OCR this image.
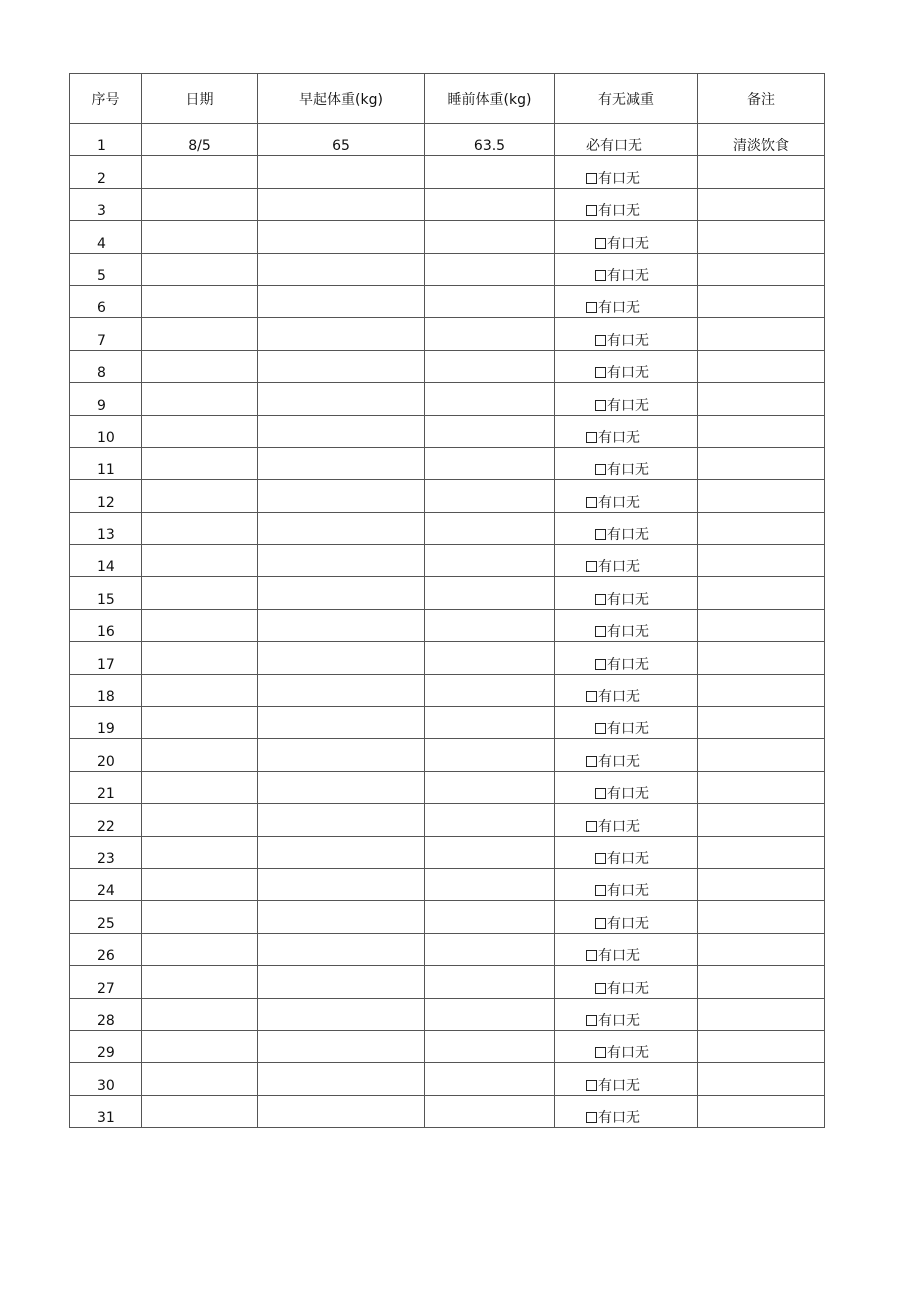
序号	日期	早起体重(kg)	睡前体重(kg)	有无减重	备注
1	8/5	65	63.5	必有口无	清淡饮食
2				有口无	
3				有口无	
4				有口无	
5				有口无	
6				有口无	
7				有口无	
8				有口无	
9				有口无	
10				有口无	
11				有口无	
12				有口无	
13				有口无	
14				有口无	
15				有口无	
16				有口无	
17				有口无	
18				有口无	
19				有口无	
20				有口无	
21				有口无	
22				有口无	
23				有口无	
24				有口无	
25				有口无	
26				有口无	
27				有口无	
28				有口无	
29				有口无	
30				有口无	
31				有口无	
